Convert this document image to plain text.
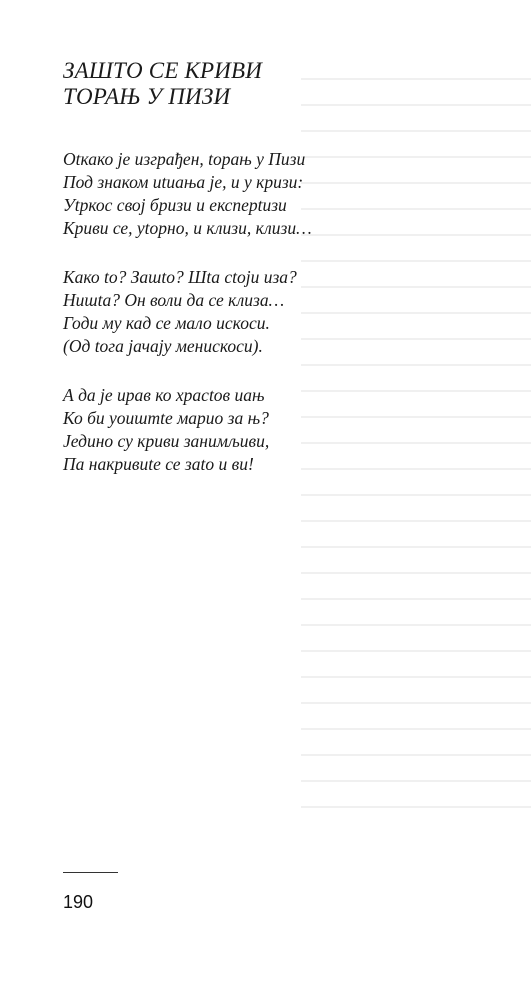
ЗАШТО СЕ КРИВИ
ТОРАЊ У ПИЗИ
Оtкако је изграђен, tорањ у Пизи
Под знаком иtиања је, и у кризи:
Уtркос свој бризи и експерtизи
Криви се, уtорно, и клизи, клизи…
Како tо? Зашtо? Шtа сtоји иза?
Нишtа? Он воли да се клиза…
Годи му кад се мало искоси.
(Од tога јачају менискоси).
А да је ирав ко храсtов иањ
Ко би уоиштtе марио за њ?
Једино су криви занимљиви,
Па накривиtе се заtо и ви!
190
